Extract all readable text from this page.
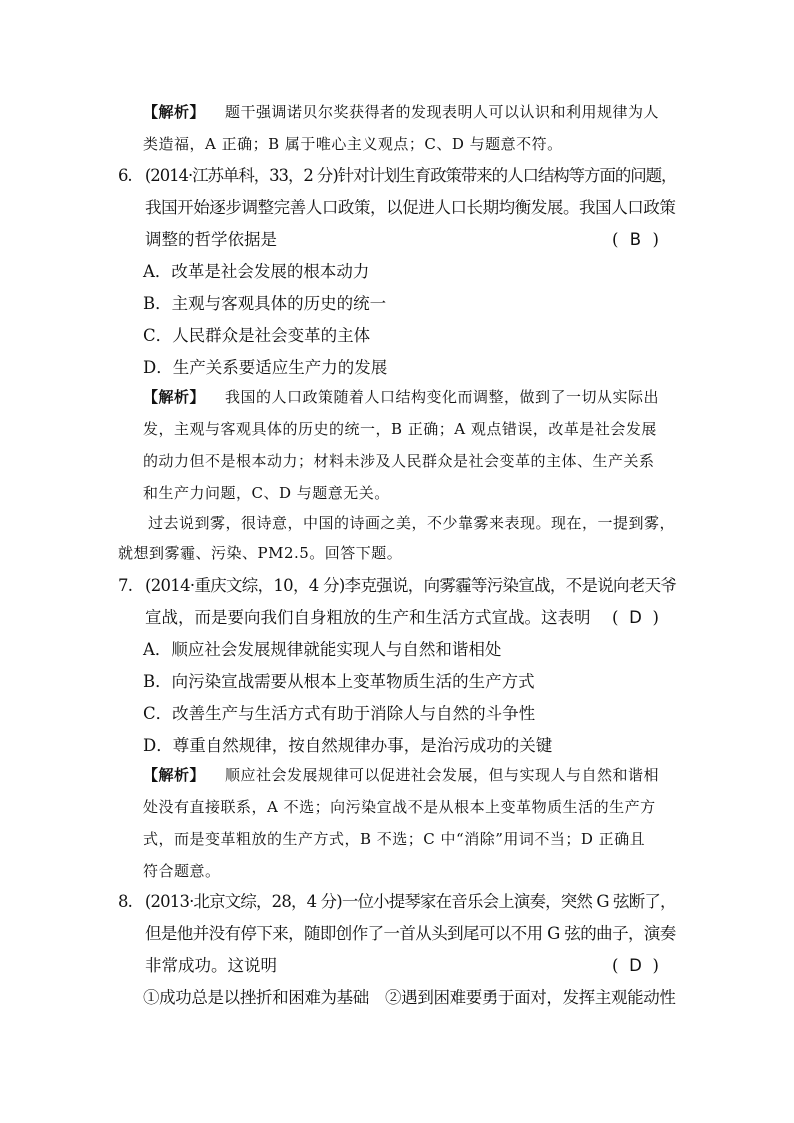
【解析】 题干强调诺贝尔奖获得者的发现表明人可以认识和利用规律为人
类造福，A 正确；B 属于唯心主义观点；C、D 与题意不符。
6. (2014·江苏单科，33，2 分)针对计划生育政策带来的人口结构等方面的问题，
我国开始逐步调整完善人口政策，以促进人口长期均衡发展。我国人口政策
调整的哲学依据是	( B )
A．改革是社会发展的根本动力
B．主观与客观具体的历史的统一
C．人民群众是社会变革的主体
D．生产关系要适应生产力的发展
【解析】 我国的人口政策随着人口结构变化而调整，做到了一切从实际出
发，主观与客观具体的历史的统一，B 正确；A 观点错误，改革是社会发展
的动力但不是根本动力；材料未涉及人民群众是社会变革的主体、生产关系
和生产力问题，C、D 与题意无关。
过去说到雾，很诗意，中国的诗画之美，不少靠雾来表现。现在，一提到雾，
就想到雾霾、污染、PM2.5。回答下题。
7. (2014·重庆文综，10，4 分)李克强说，向雾霾等污染宣战，不是说向老天爷
宣战，而是要向我们自身粗放的生产和生活方式宣战。这表明 ( D )
A．顺应社会发展规律就能实现人与自然和谐相处
B．向污染宣战需要从根本上变革物质生活的生产方式
C．改善生产与生活方式有助于消除人与自然的斗争性
D．尊重自然规律，按自然规律办事，是治污成功的关键
【解析】 顺应社会发展规律可以促进社会发展，但与实现人与自然和谐相
处没有直接联系，A 不选；向污染宣战不是从根本上变革物质生活的生产方
式，而是变革粗放的生产方式，B 不选；C 中“消除”用词不当；D 正确且
符合题意。
8. (2013·北京文综，28，4 分)一位小提琴家在音乐会上演奏，突然 G 弦断了，
但是他并没有停下来，随即创作了一首从头到尾可以不用 G 弦的曲子，演奏
非常成功。这说明	( D )
①成功总是以挫折和困难为基础　②遇到困难要勇于面对，发挥主观能动性
